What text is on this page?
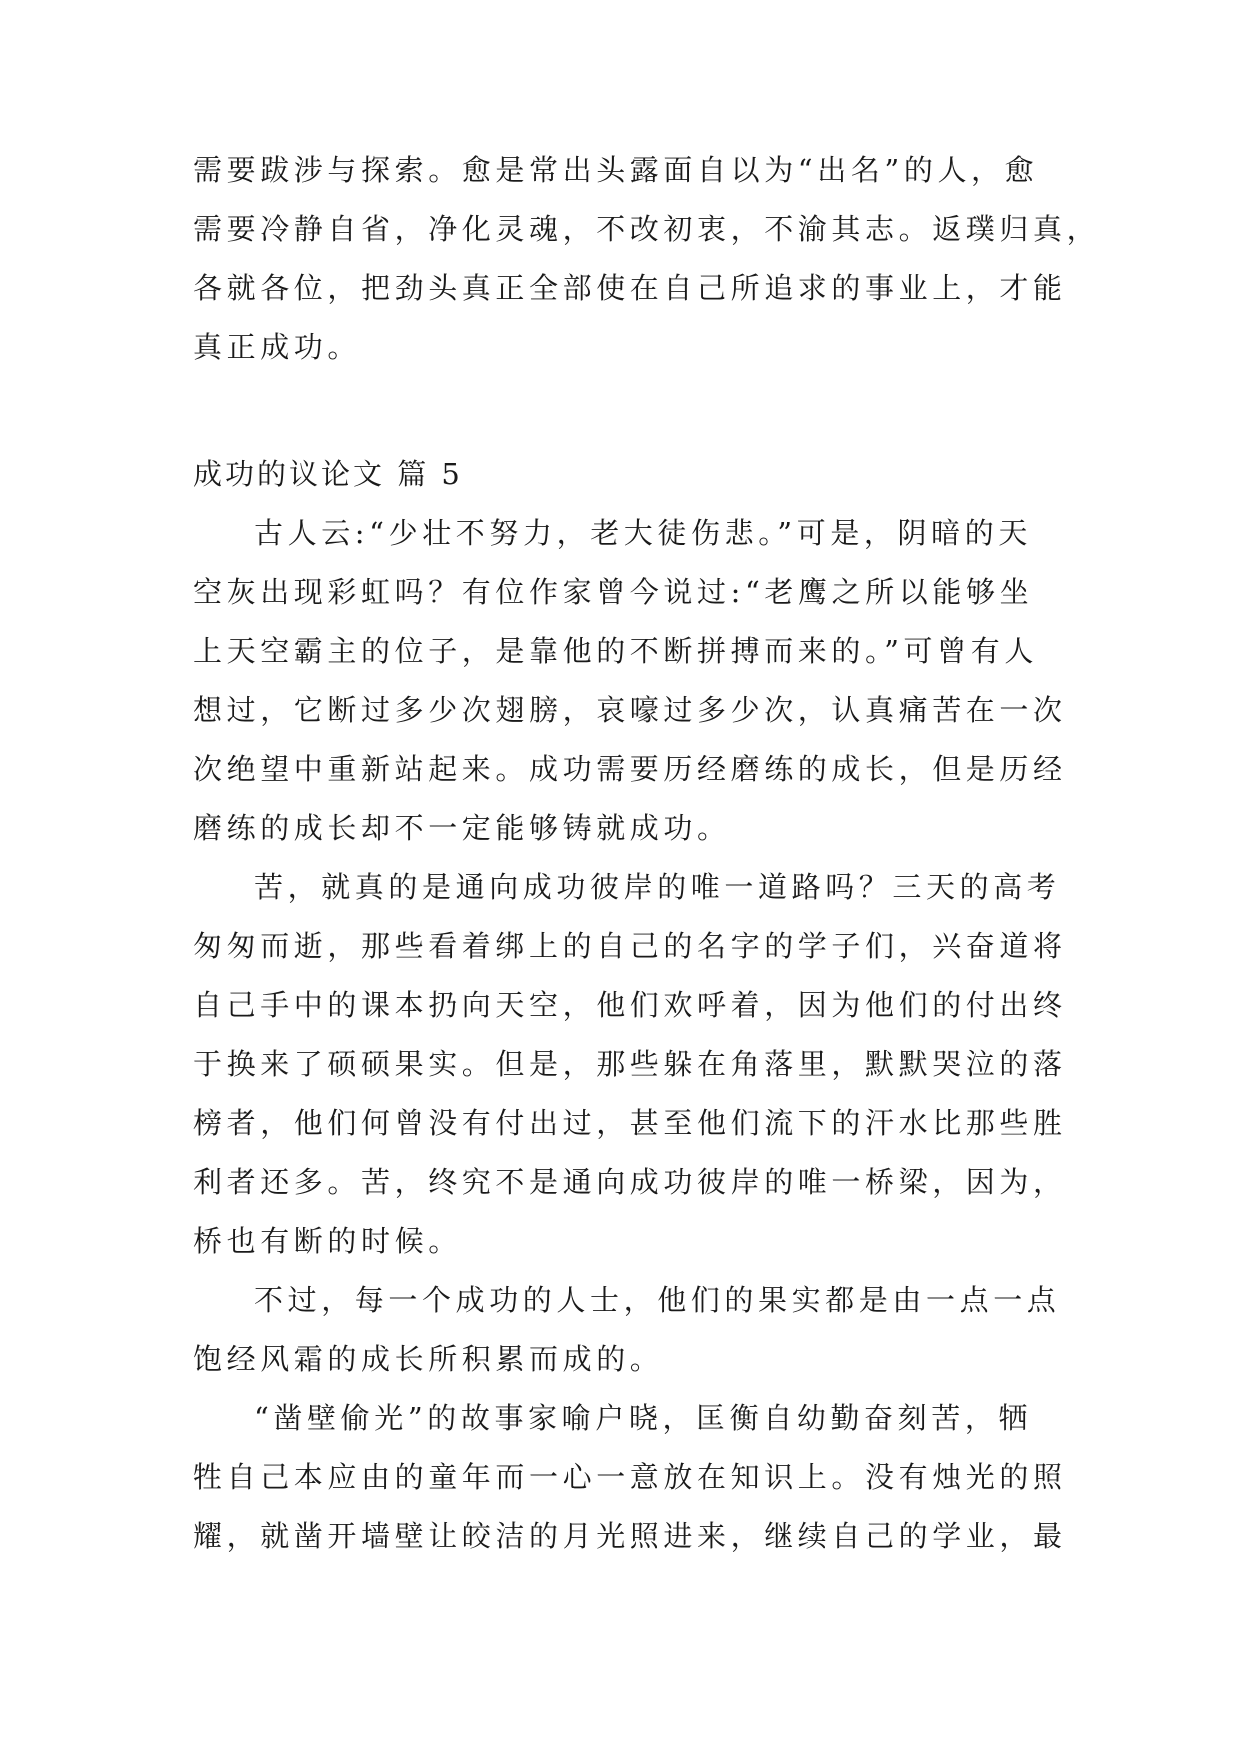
需要跋涉与探索。愈是常出头露面自以为“出名”的人，愈
需要冷静自省，净化灵魂，不改初衷，不渝其志。返璞归真，
各就各位，把劲头真正全部使在自己所追求的事业上，才能
真正成功。
成功的议论文 篇 5
古人云:“少壮不努力，老大徒伤悲。”可是，阴暗的天
空灰出现彩虹吗？有位作家曾今说过:“老鹰之所以能够坐
上天空霸主的位子，是靠他的不断拼搏而来的。”可曾有人
想过，它断过多少次翅膀，哀嚎过多少次，认真痛苦在一次
次绝望中重新站起来。成功需要历经磨练的成长，但是历经
磨练的成长却不一定能够铸就成功。
苦，就真的是通向成功彼岸的唯一道路吗？三天的高考
匆匆而逝，那些看着绑上的自己的名字的学子们，兴奋道将
自己手中的课本扔向天空，他们欢呼着，因为他们的付出终
于换来了硕硕果实。但是，那些躲在角落里，默默哭泣的落
榜者，他们何曾没有付出过，甚至他们流下的汗水比那些胜
利者还多。苦，终究不是通向成功彼岸的唯一桥梁，因为，
桥也有断的时候。
不过，每一个成功的人士，他们的果实都是由一点一点
饱经风霜的成长所积累而成的。
“凿壁偷光”的故事家喻户晓，匡衡自幼勤奋刻苦，牺
牲自己本应由的童年而一心一意放在知识上。没有烛光的照
耀，就凿开墙壁让皎洁的月光照进来，继续自己的学业，最
